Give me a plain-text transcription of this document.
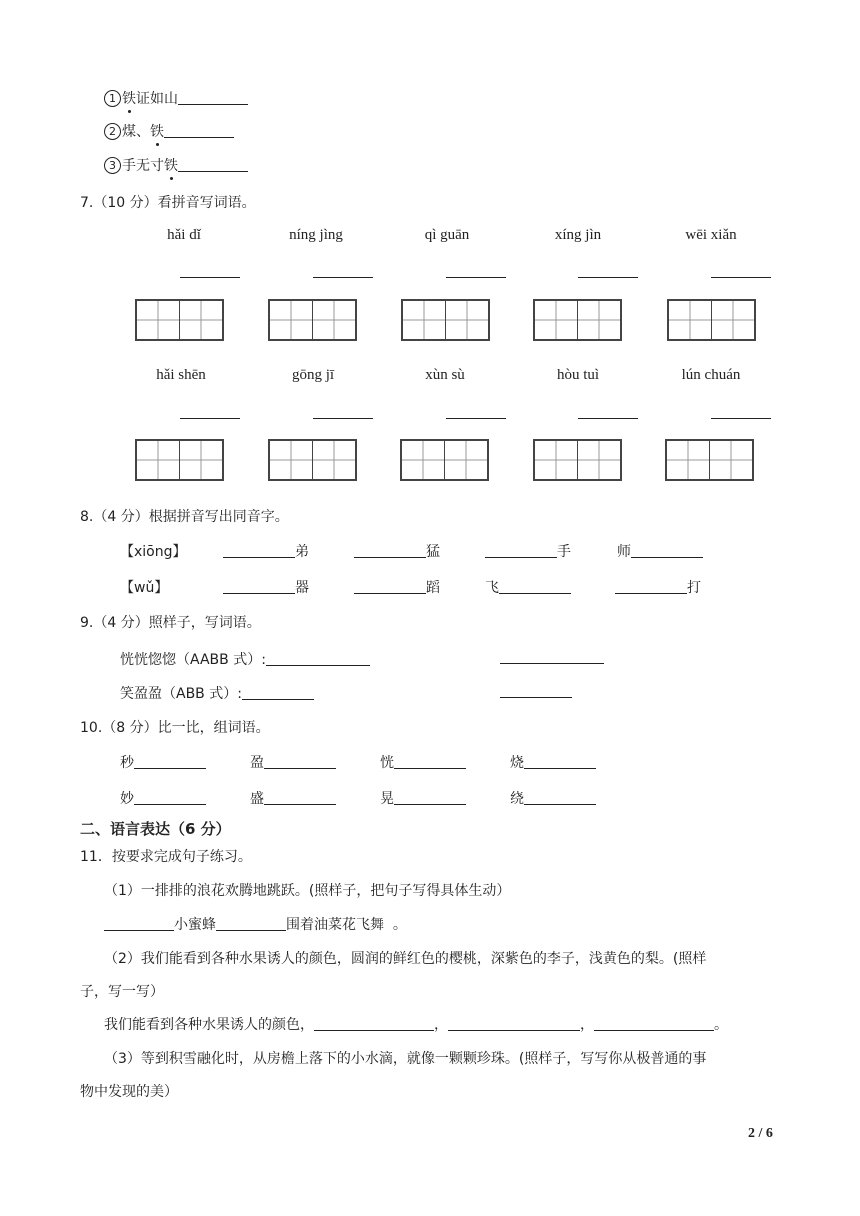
1 铁证如山
2 煤、铁
3 手无寸铁
7.（10 分）看拼音写词语。
hǎi dǐ	níng jìng	qì guān	xíng jìn	wēi xiǎn
hǎi shēn	gōng jī	xùn sù	hòu tuì	lún chuán
8.（4 分）根据拼音写出同音字。
【xiōng】	弟	猛	手	师
【wǔ】	器	蹈	飞	打
9.（4 分）照样子，写词语。
恍恍惚惚（AABB 式）:
笑盈盈（ABB 式）:
10.（8 分）比一比，组词语。
秒	盈	恍	烧
妙	盛	晃	绕
二、语言表达（6 分）
11．按要求完成句子练习。
（1）一排排的浪花欢腾地跳跃。(照样子，把句子写得具体生动）
小蜜蜂	围着油菜花飞舞 。
（2）我们能看到各种水果诱人的颜色，圆润的鲜红色的樱桃，深紫色的李子，浅黄色的梨。(照样
子，写一写）
我们能看到各种水果诱人的颜色，	，	，	。
（3）等到积雪融化时，从房檐上落下的小水滴，就像一颗颗珍珠。(照样子，写写你从极普通的事
物中发现的美）
2 / 6
